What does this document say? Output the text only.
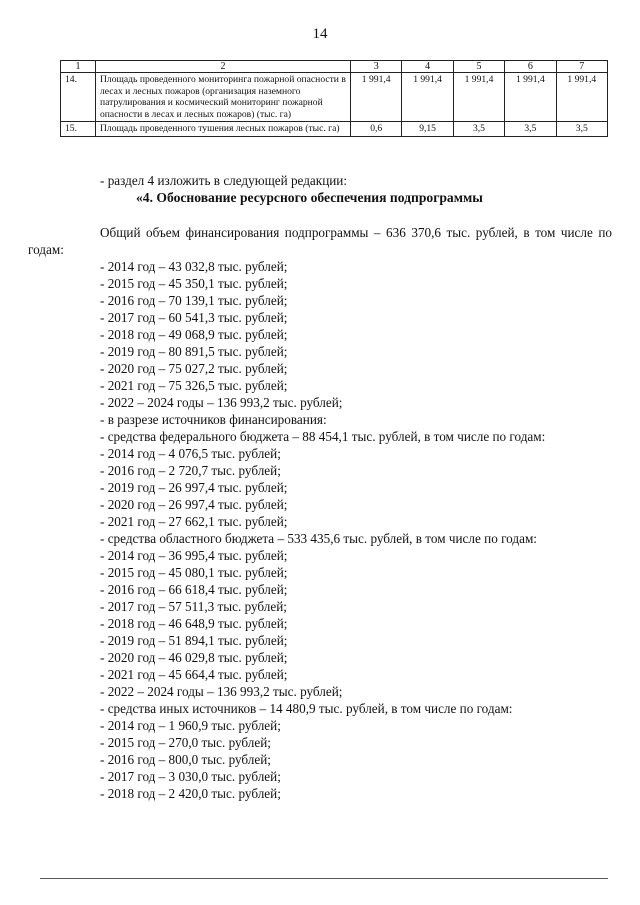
14
1	2	3	4	5	6	7
14.	Площадь проведенного мониторинга пожарной опасности в лесах и лесных пожаров (организация наземного патрулирования и космический мониторинг пожарной опасности в лесах и лесных пожаров) (тыс. га)	1 991,4	1 991,4	1 991,4	1 991,4	1 991,4
15.	Площадь проведенного тушения лесных пожаров (тыс. га)	0,6	9,15	3,5	3,5	3,5
- раздел 4 изложить в следующей редакции:
«4. Обоснование ресурсного обеспечения подпрограммы
Общий объем финансирования подпрограммы – 636 370,6 тыс. рублей, в том числе по годам:
- 2014 год – 43 032,8 тыс. рублей;
- 2015 год – 45 350,1 тыс. рублей;
- 2016 год – 70 139,1 тыс. рублей;
- 2017 год – 60 541,3 тыс. рублей;
- 2018 год – 49 068,9 тыс. рублей;
- 2019 год – 80 891,5 тыс. рублей;
- 2020 год – 75 027,2 тыс. рублей;
- 2021 год – 75 326,5 тыс. рублей;
- 2022 – 2024 годы – 136 993,2 тыс. рублей;
- в разрезе источников финансирования:
- средства федерального бюджета – 88 454,1 тыс. рублей, в том числе по годам:
- 2014 год – 4 076,5 тыс. рублей;
- 2016 год – 2 720,7 тыс. рублей;
- 2019 год – 26 997,4 тыс. рублей;
- 2020 год – 26 997,4 тыс. рублей;
- 2021 год – 27 662,1 тыс. рублей;
- средства областного бюджета – 533 435,6 тыс. рублей, в том числе по годам:
- 2014 год – 36 995,4 тыс. рублей;
- 2015 год – 45 080,1 тыс. рублей;
- 2016 год – 66 618,4 тыс. рублей;
- 2017 год – 57 511,3 тыс. рублей;
- 2018 год – 46 648,9 тыс. рублей;
- 2019 год – 51 894,1 тыс. рублей;
- 2020 год – 46 029,8 тыс. рублей;
- 2021 год – 45 664,4 тыс. рублей;
- 2022 – 2024 годы – 136 993,2 тыс. рублей;
- средства иных источников – 14 480,9 тыс. рублей, в том числе по годам:
- 2014 год – 1 960,9 тыс. рублей;
- 2015 год – 270,0 тыс. рублей;
- 2016 год – 800,0 тыс. рублей;
- 2017 год – 3 030,0 тыс. рублей;
- 2018 год – 2 420,0 тыс. рублей;
